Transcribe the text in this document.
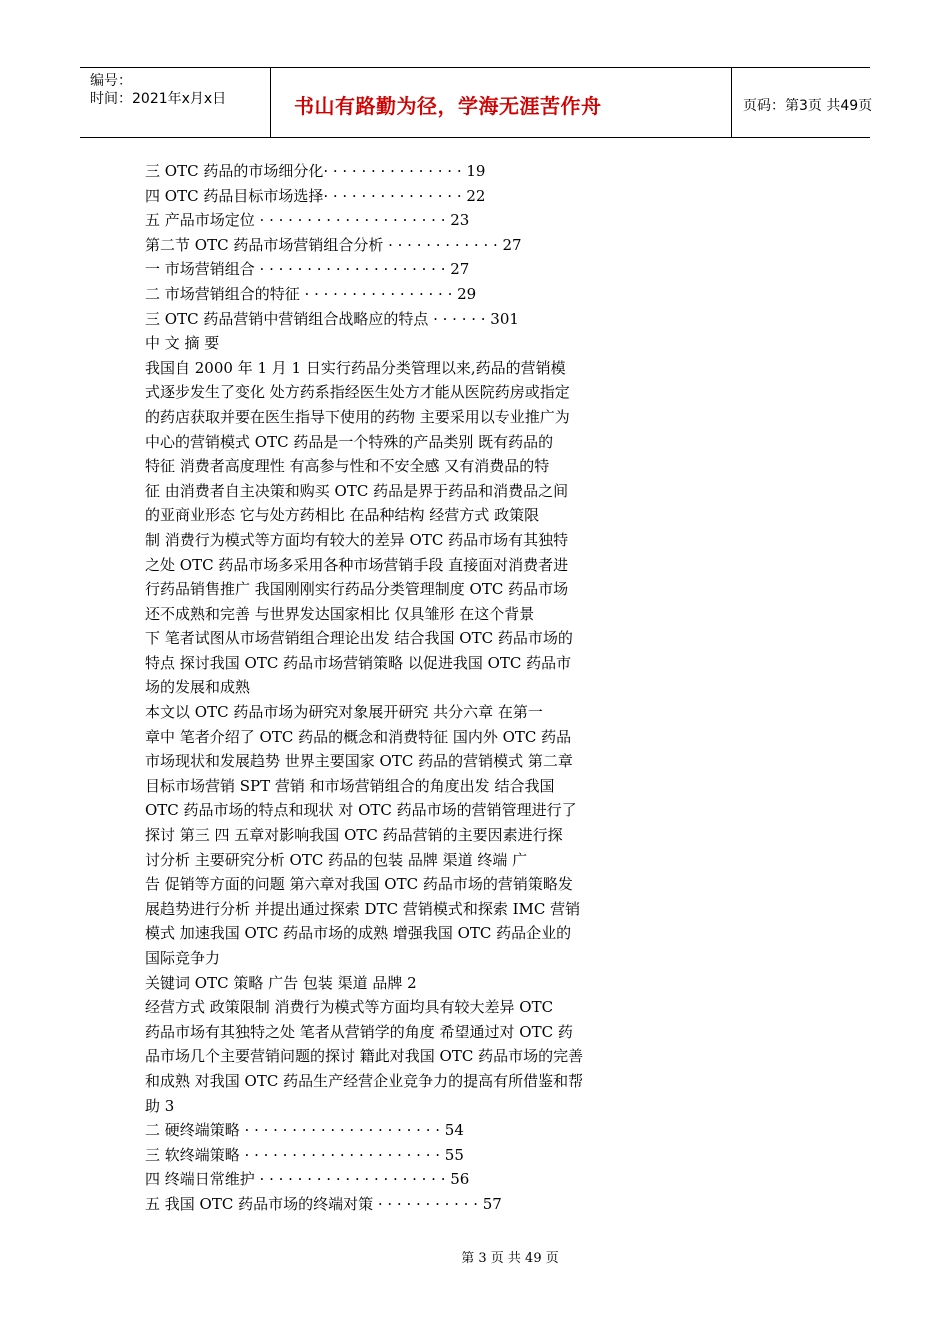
编号：
时间：2021年x月x日	书山有路勤为径，学海无涯苦作舟	页码：第3页 共49页
三 OTC 药品的市场细分化· · · · · · · · · · · · · · · 19
四 OTC 药品目标市场选择· · · · · · · · · · · · · · · 22
五 产品市场定位 · · · · · · · · · · · · · · · · · · · · 23
第二节 OTC 药品市场营销组合分析 · · · · · · · · · · · · 27
一 市场营销组合 · · · · · · · · · · · · · · · · · · · · 27
二 市场营销组合的特征 · · · · · · · · · · · · · · · · 29
三 OTC 药品营销中营销组合战略应的特点 · · · · · · 301
中 文 摘 要
我国自 2000 年 1 月 1 日实行药品分类管理以来,药品的营销模
式逐步发生了变化 处方药系指经医生处方才能从医院药房或指定
的药店获取并要在医生指导下使用的药物 主要采用以专业推广为
中心的营销模式 OTC 药品是一个特殊的产品类别 既有药品的
特征 消费者高度理性 有高参与性和不安全感 又有消费品的特
征 由消费者自主决策和购买 OTC 药品是界于药品和消费品之间
的亚商业形态 它与处方药相比 在品种结构 经营方式 政策限
制 消费行为模式等方面均有较大的差异 OTC 药品市场有其独特
之处 OTC 药品市场多采用各种市场营销手段 直接面对消费者进
行药品销售推广 我国刚刚实行药品分类管理制度 OTC 药品市场
还不成熟和完善 与世界发达国家相比 仅具雏形 在这个背景
下 笔者试图从市场营销组合理论出发 结合我国 OTC 药品市场的
特点 探讨我国 OTC 药品市场营销策略 以促进我国 OTC 药品市
场的发展和成熟
本文以 OTC 药品市场为研究对象展开研究 共分六章 在第一
章中 笔者介绍了 OTC 药品的概念和消费特征 国内外 OTC 药品
市场现状和发展趋势 世界主要国家 OTC 药品的营销模式 第二章
目标市场营销 SPT 营销 和市场营销组合的角度出发 结合我国
OTC 药品市场的特点和现状 对 OTC 药品市场的营销管理进行了
探讨 第三 四 五章对影响我国 OTC 药品营销的主要因素进行探
讨分析 主要研究分析 OTC 药品的包装 品牌 渠道 终端 广
告 促销等方面的问题 第六章对我国 OTC 药品市场的营销策略发
展趋势进行分析 并提出通过探索 DTC 营销模式和探索 IMC 营销
模式 加速我国 OTC 药品市场的成熟 增强我国 OTC 药品企业的
国际竞争力
关键词 OTC 策略 广告 包装 渠道 品牌 2
经营方式 政策限制 消费行为模式等方面均具有较大差异 OTC
药品市场有其独特之处 笔者从营销学的角度 希望通过对 OTC 药
品市场几个主要营销问题的探讨 籍此对我国 OTC 药品市场的完善
和成熟 对我国 OTC 药品生产经营企业竞争力的提高有所借鉴和帮
助 3
二 硬终端策略 · · · · · · · · · · · · · · · · · · · · · 54
三 软终端策略 · · · · · · · · · · · · · · · · · · · · · 55
四 终端日常维护 · · · · · · · · · · · · · · · · · · · · 56
五 我国 OTC 药品市场的终端对策 · · · · · · · · · · · 57
第 3 页 共 49 页
